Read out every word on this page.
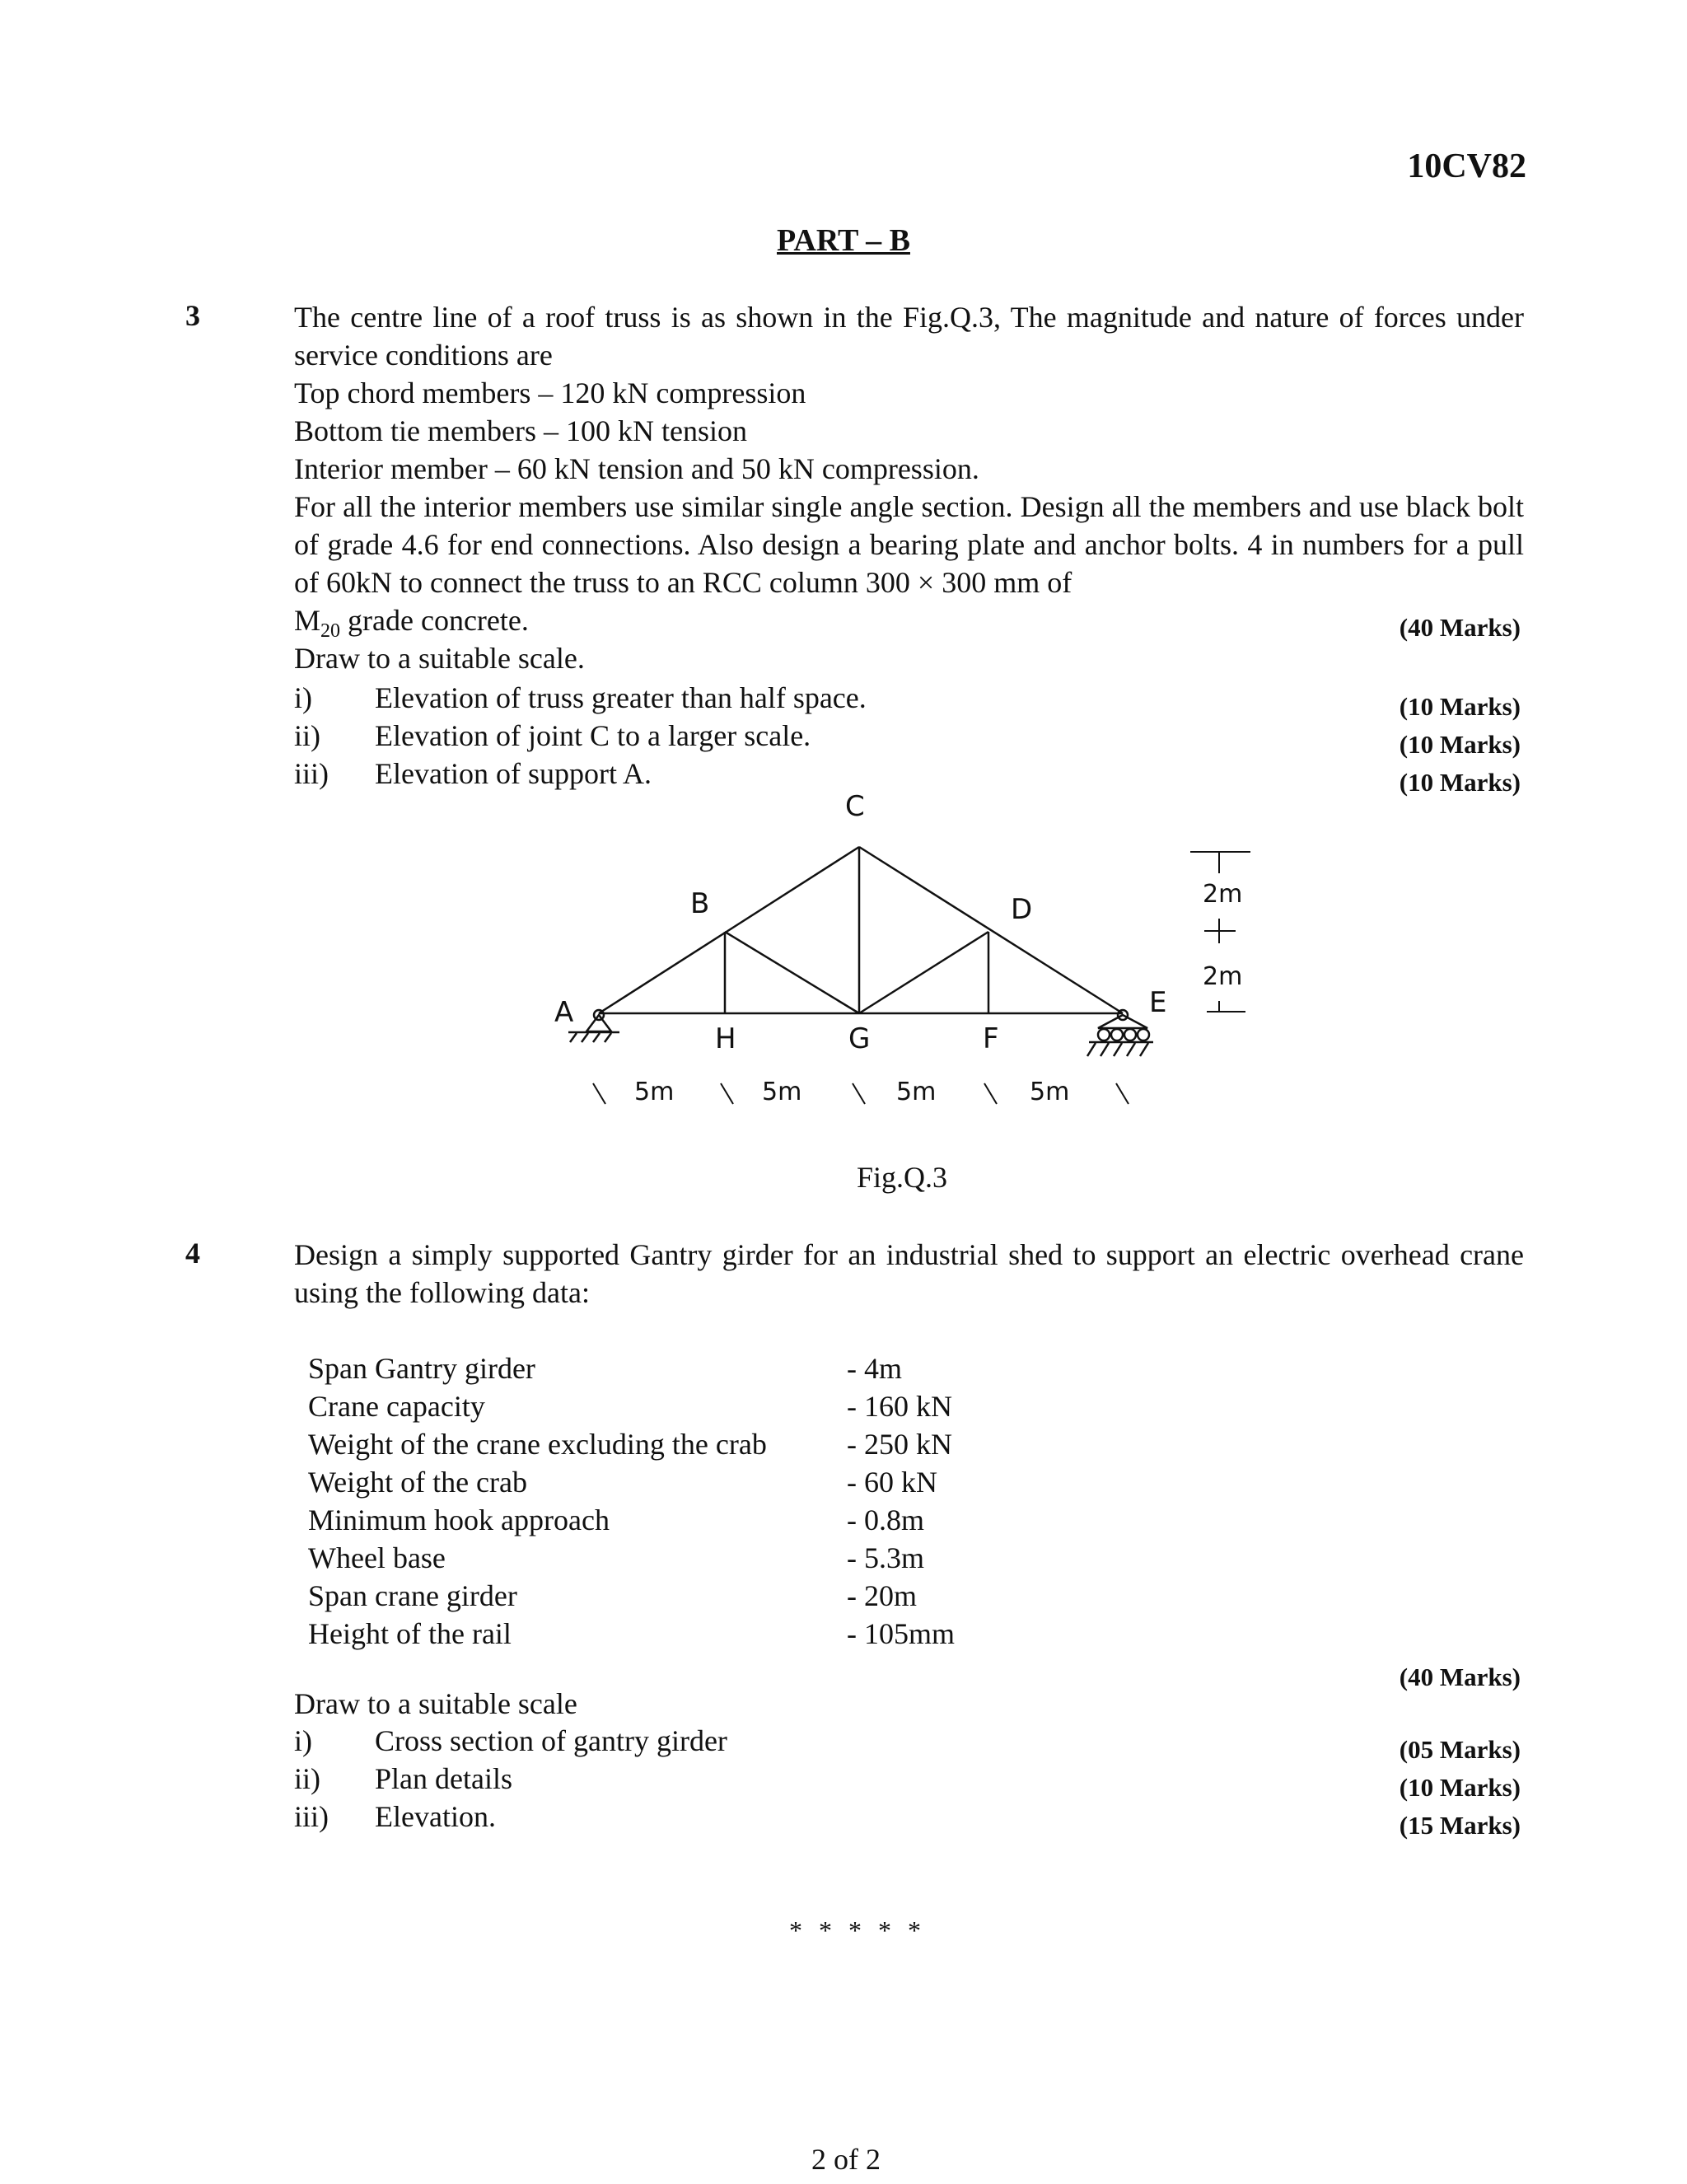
10CV82
PART – B
3	The centre line of a roof truss is as shown in the Fig.Q.3, The magnitude and nature of forces under service conditions are
Top chord members – 120 kN compression
Bottom tie members – 100 kN tension
Interior member – 60 kN tension and 50 kN compression.
For all the interior members use similar single angle section. Design all the members and use black bolt of grade 4.6 for end connections. Also design a bearing plate and anchor bolts. 4 in numbers for a pull of 60kN to connect the truss to an RCC column 300 × 300 mm of
$M_{20}$ grade concrete.	(40 Marks)
Draw to a suitable scale.
i) Elevation of truss greater than half space.	(10 Marks)
ii) Elevation of joint C to a larger scale.	(10 Marks)
iii) Elevation of support A.	(10 Marks)
C
B	D
A	E
H	G	F
5m	5m	5m	5m
2m
2m
Fig.Q.3
4	Design a simply supported Gantry girder for an industrial shed to support an electric overhead crane using the following data:
Span Gantry girder	- 4m
Crane capacity	- 160 kN
Weight of the crane excluding the crab	- 250 kN
Weight of the crab	- 60 kN
Minimum hook approach	- 0.8m
Wheel base	- 5.3m
Span crane girder	- 20m
Height of the rail	- 105mm
(40 Marks)
Draw to a suitable scale
i) Cross section of gantry girder	(05 Marks)
ii) Plan details	(10 Marks)
iii) Elevation.	(15 Marks)
* * * * *
2 of 2
